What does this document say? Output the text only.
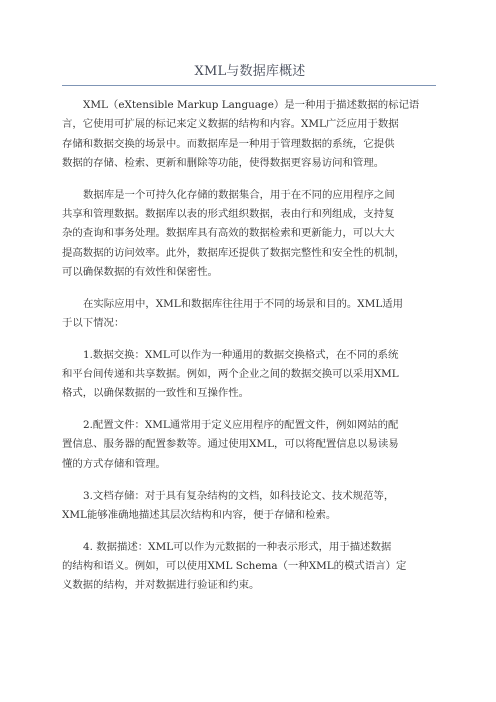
XML与数据库概述

XML（eXtensible Markup Language）是一种用于描述数据的标记语
言，它使用可扩展的标记来定义数据的结构和内容。XML广泛应用于数据
存储和数据交换的场景中。而数据库是一种用于管理数据的系统，它提供
数据的存储、检索、更新和删除等功能，使得数据更容易访问和管理。

数据库是一个可持久化存储的数据集合，用于在不同的应用程序之间
共享和管理数据。数据库以表的形式组织数据，表由行和列组成，支持复
杂的查询和事务处理。数据库具有高效的数据检索和更新能力，可以大大
提高数据的访问效率。此外，数据库还提供了数据完整性和安全性的机制，
可以确保数据的有效性和保密性。

在实际应用中，XML和数据库往往用于不同的场景和目的。XML适用
于以下情况：

1.数据交换：XML可以作为一种通用的数据交换格式，在不同的系统
和平台间传递和共享数据。例如，两个企业之间的数据交换可以采用XML
格式，以确保数据的一致性和互操作性。

2.配置文件：XML通常用于定义应用程序的配置文件，例如网站的配
置信息、服务器的配置参数等。通过使用XML，可以将配置信息以易读易
懂的方式存储和管理。

3.文档存储：对于具有复杂结构的文档，如科技论文、技术规范等，
XML能够准确地描述其层次结构和内容，便于存储和检索。

4. 数据描述：XML可以作为元数据的一种表示形式，用于描述数据
的结构和语义。例如，可以使用XML Schema（一种XML的模式语言）定
义数据的结构，并对数据进行验证和约束。
